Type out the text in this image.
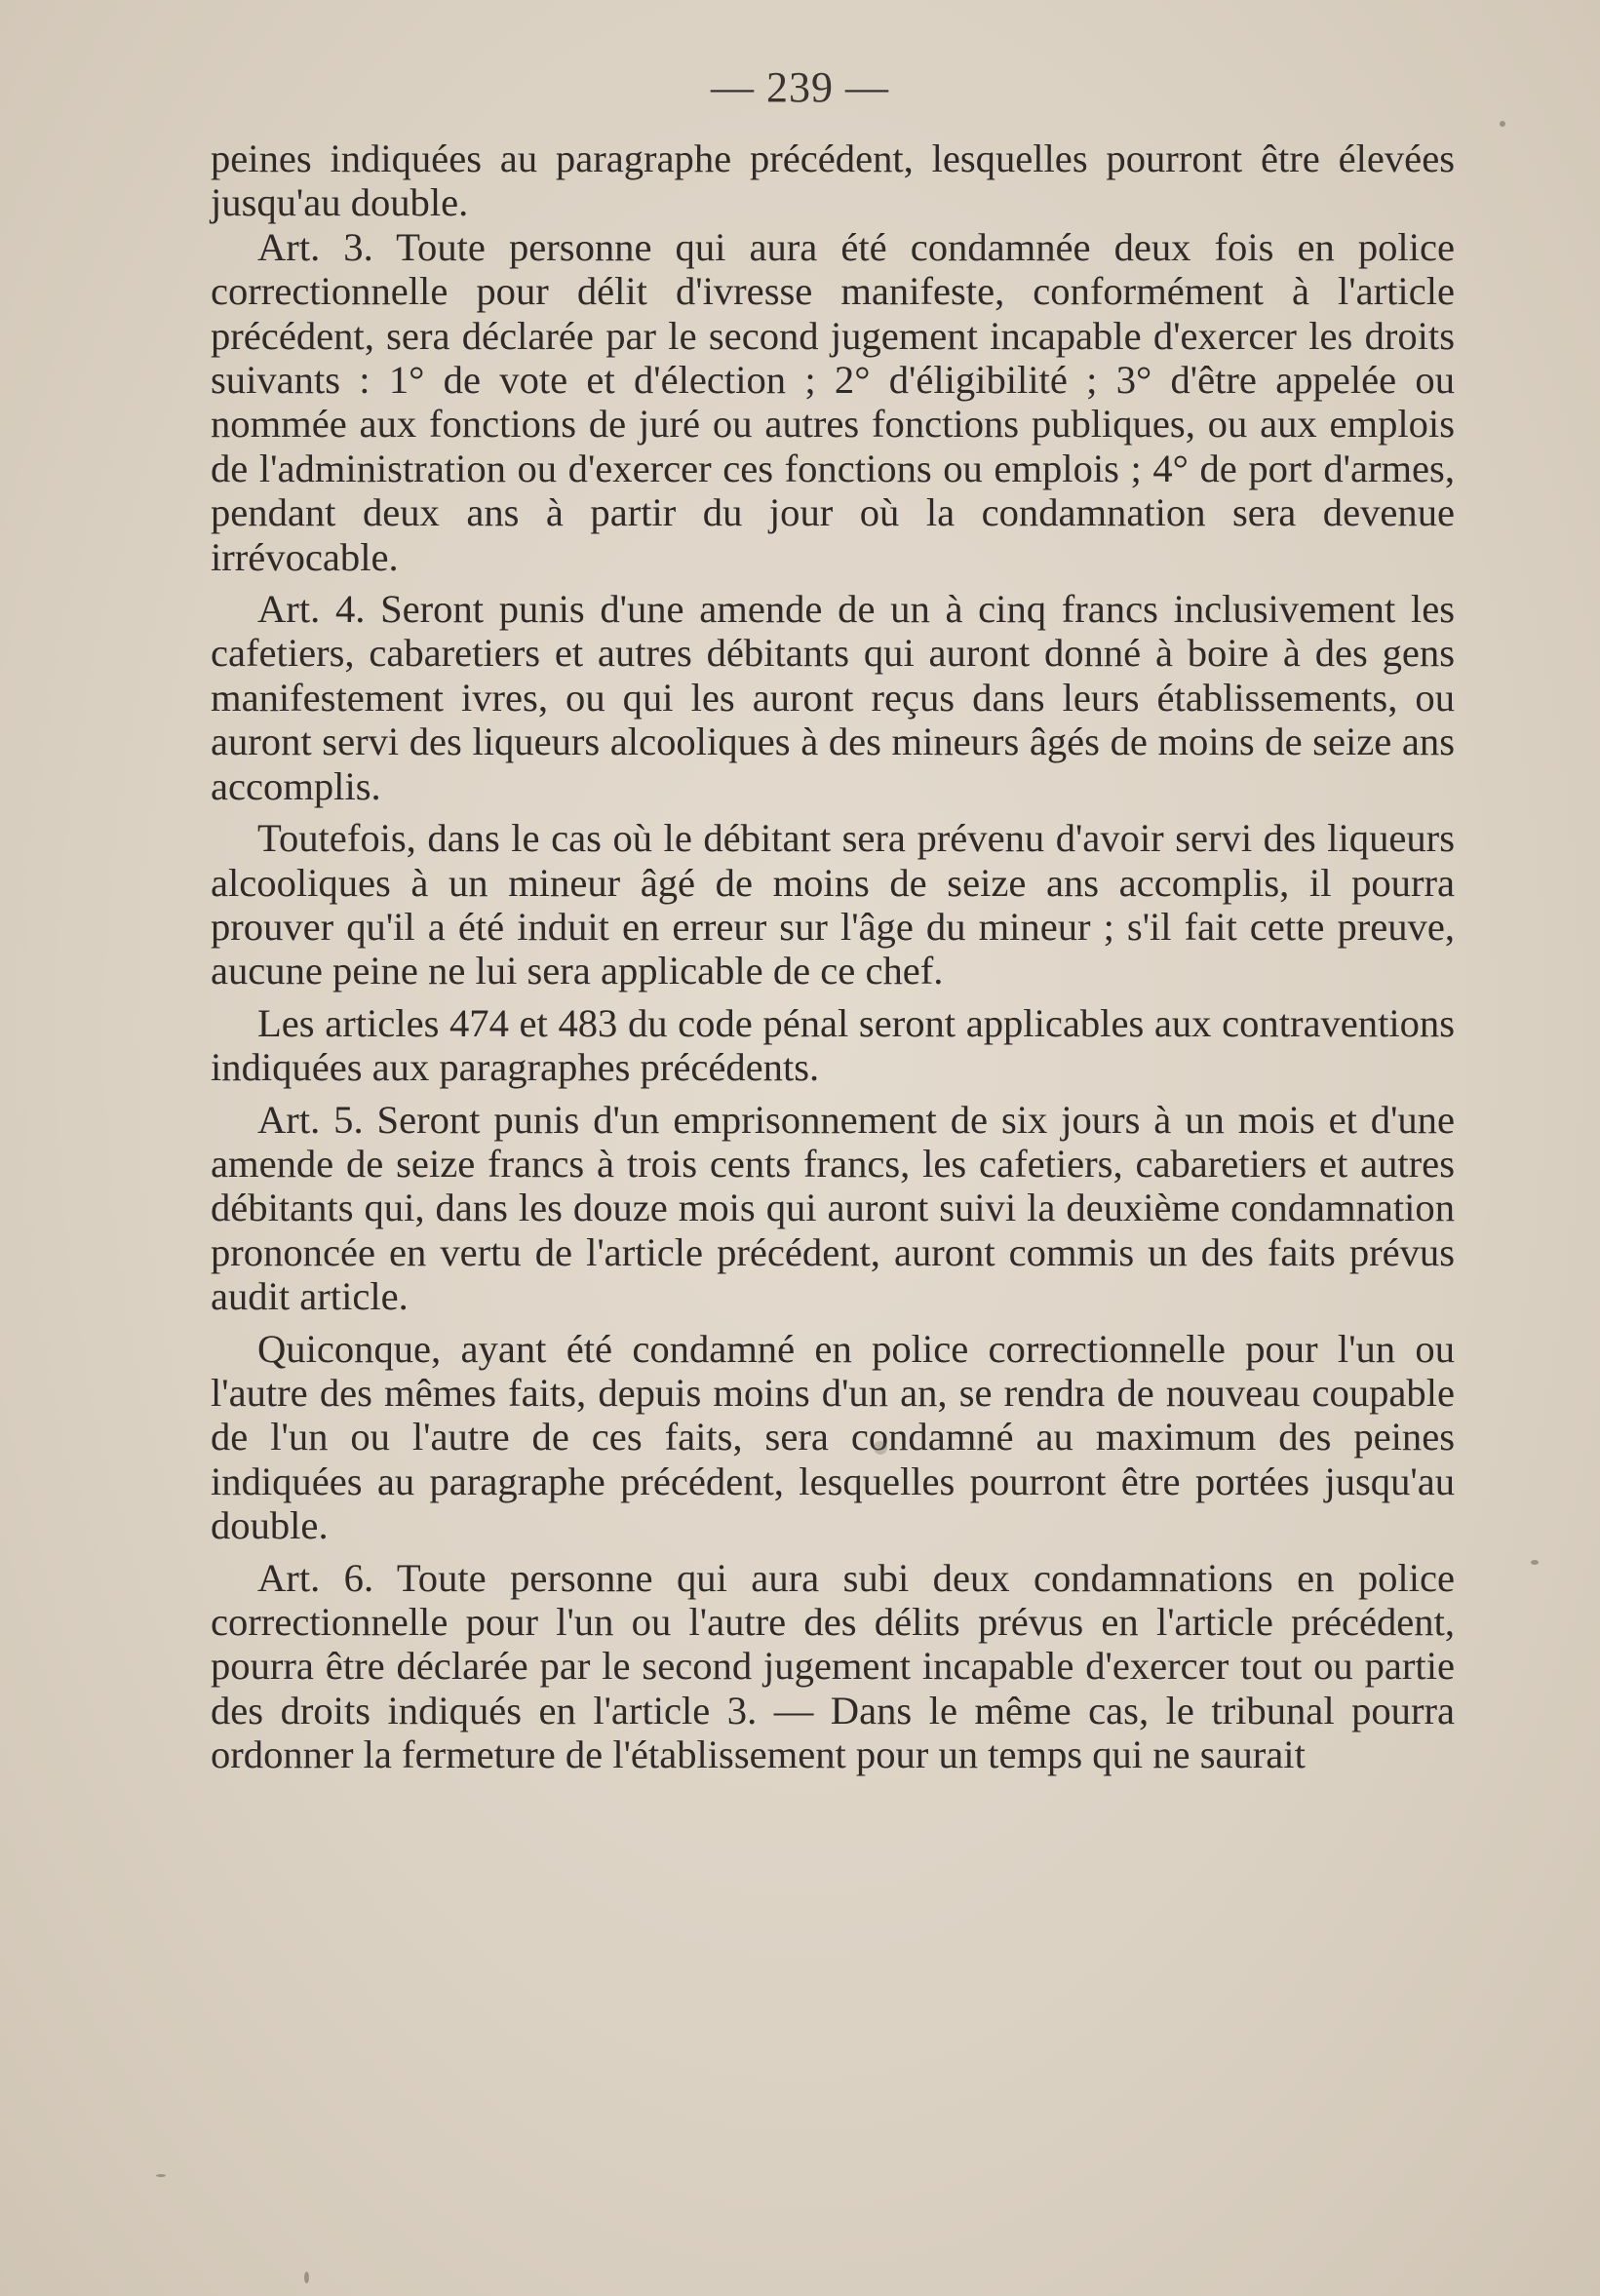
— 239 —

peines indiquées au paragraphe précédent, lesquelles pourront être élevées jusqu'au double.

Art. 3. Toute personne qui aura été condamnée deux fois en police correctionnelle pour délit d'ivresse manifeste, conformément à l'article précédent, sera déclarée par le second jugement incapable d'exercer les droits suivants : 1° de vote et d'élection ; 2° d'éligibilité ; 3° d'être appelée ou nommée aux fonctions de juré ou autres fonctions publiques, ou aux emplois de l'administration ou d'exercer ces fonctions ou emplois ; 4° de port d'armes, pendant deux ans à partir du jour où la condamnation sera devenue irrévocable.

Art. 4. Seront punis d'une amende de un à cinq francs inclusivement les cafetiers, cabaretiers et autres débitants qui auront donné à boire à des gens manifestement ivres, ou qui les auront reçus dans leurs établissements, ou auront servi des liqueurs alcooliques à des mineurs âgés de moins de seize ans accomplis.

Toutefois, dans le cas où le débitant sera prévenu d'avoir servi des liqueurs alcooliques à un mineur âgé de moins de seize ans accomplis, il pourra prouver qu'il a été induit en erreur sur l'âge du mineur ; s'il fait cette preuve, aucune peine ne lui sera applicable de ce chef.

Les articles 474 et 483 du code pénal seront applicables aux contraventions indiquées aux paragraphes précédents.

Art. 5. Seront punis d'un emprisonnement de six jours à un mois et d'une amende de seize francs à trois cents francs, les cafetiers, cabaretiers et autres débitants qui, dans les douze mois qui auront suivi la deuxième condamnation prononcée en vertu de l'article précédent, auront commis un des faits prévus audit article.

Quiconque, ayant été condamné en police correctionnelle pour l'un ou l'autre des mêmes faits, depuis moins d'un an, se rendra de nouveau coupable de l'un ou l'autre de ces faits, sera condamné au maximum des peines indiquées au paragraphe précédent, lesquelles pourront être portées jusqu'au double.

Art. 6. Toute personne qui aura subi deux condamnations en police correctionnelle pour l'un ou l'autre des délits prévus en l'article précédent, pourra être déclarée par le second jugement incapable d'exercer tout ou partie des droits indiqués en l'article 3. — Dans le même cas, le tribunal pourra ordonner la fermeture de l'établissement pour un temps qui ne saurait
